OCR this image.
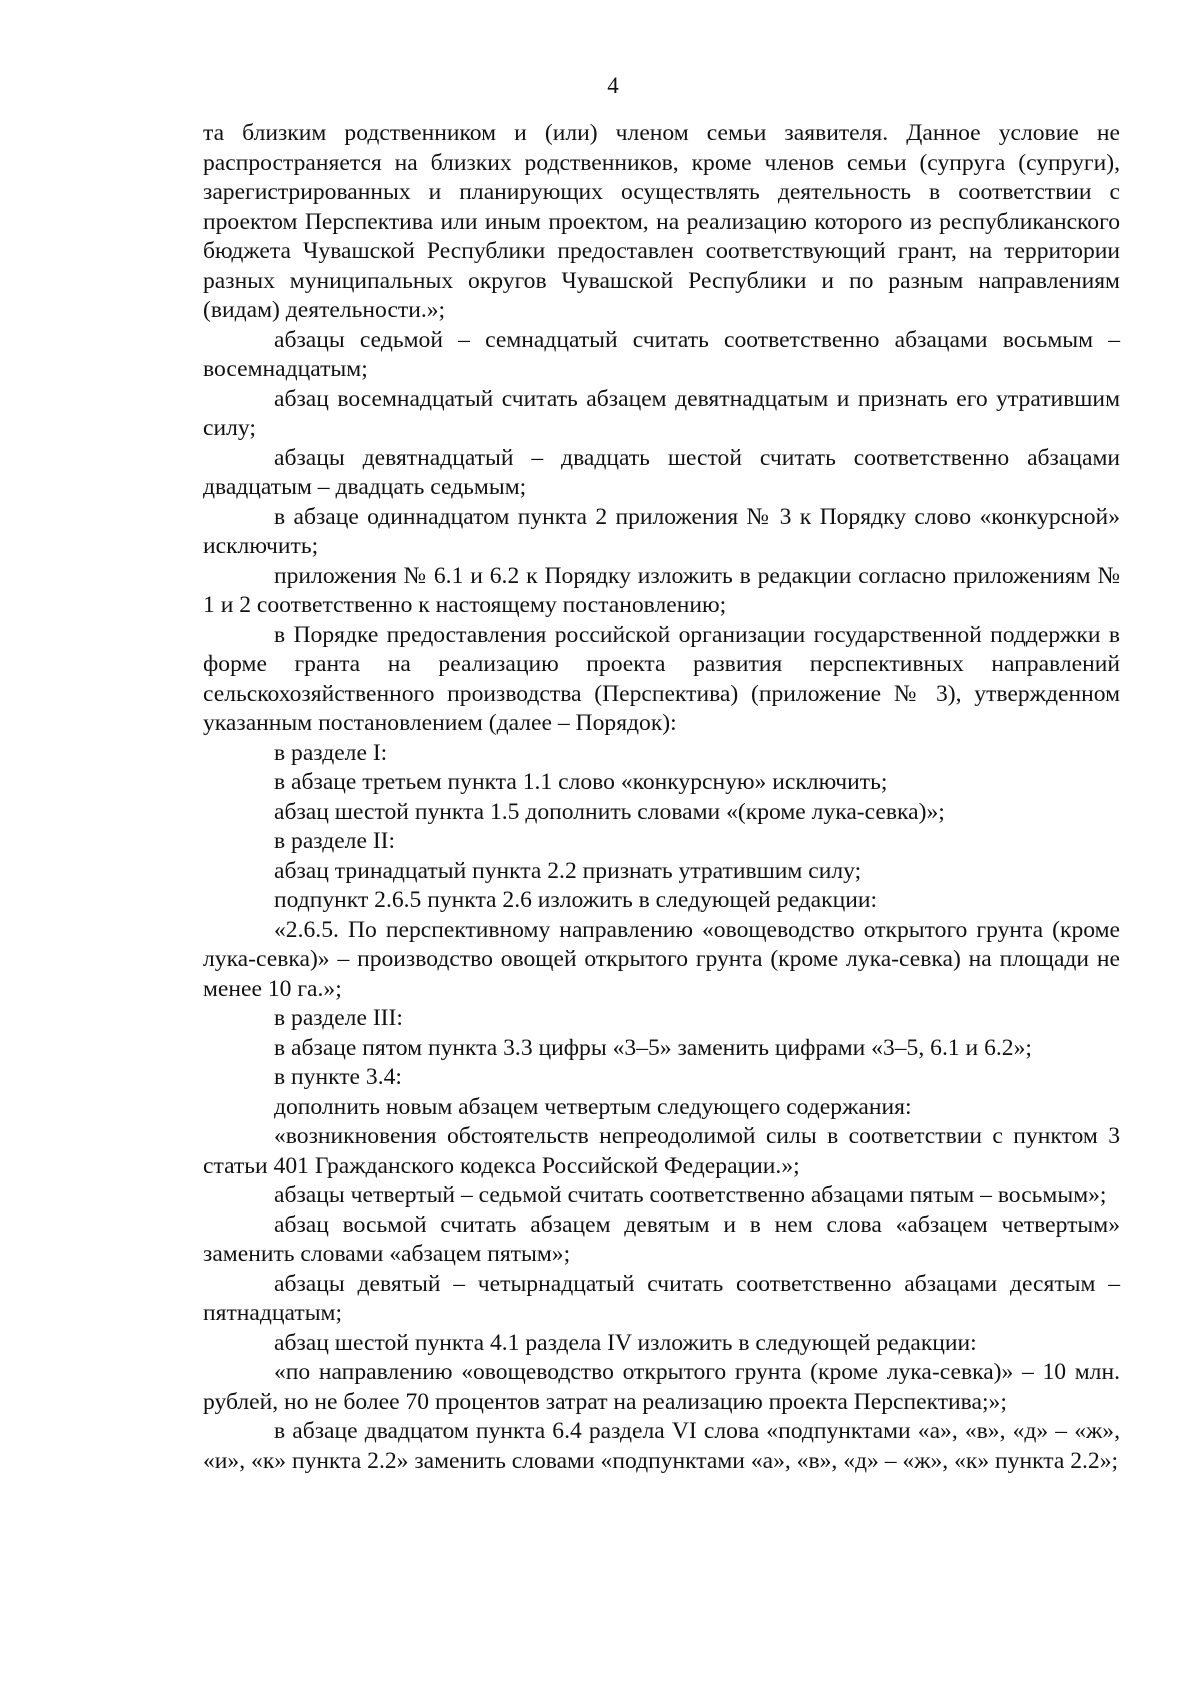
4

та близким родственником и (или) членом семьи заявителя. Данное условие не распространяется на близких родственников, кроме членов семьи (супруга (супруги), зарегистрированных и планирующих осуществлять деятельность в соответствии с проектом Перспектива или иным проектом, на реализацию которого из республиканского бюджета Чувашской Республики предоставлен соответствующий грант, на территории разных муниципальных округов Чувашской Республики и по разным направлениям (видам) деятельности.»;

абзацы седьмой – семнадцатый считать соответственно абзацами восьмым – восемнадцатым;

абзац восемнадцатый считать абзацем девятнадцатым и признать его утратившим силу;

абзацы девятнадцатый – двадцать шестой считать соответственно абзацами двадцатым – двадцать седьмым;

в абзаце одиннадцатом пункта 2 приложения № 3 к Порядку слово «конкурсной» исключить;

приложения № 6.1 и 6.2 к Порядку изложить в редакции согласно приложениям № 1 и 2 соответственно к настоящему постановлению;

в Порядке предоставления российской организации государственной поддержки в форме гранта на реализацию проекта развития перспективных направлений сельскохозяйственного производства (Перспектива) (приложение № 3), утвержденном указанным постановлением (далее – Порядок):

в разделе I:

в абзаце третьем пункта 1.1 слово «конкурсную» исключить;

абзац шестой пункта 1.5 дополнить словами «(кроме лука-севка)»;

в разделе II:

абзац тринадцатый пункта 2.2 признать утратившим силу;

подпункт 2.6.5 пункта 2.6 изложить в следующей редакции:

«2.6.5. По перспективному направлению «овощеводство открытого грунта (кроме лука-севка)» – производство овощей открытого грунта (кроме лука-севка) на площади не менее 10 га.»;

в разделе III:

в абзаце пятом пункта 3.3 цифры «3–5» заменить цифрами «3–5, 6.1 и 6.2»;

в пункте 3.4:

дополнить новым абзацем четвертым следующего содержания:

«возникновения обстоятельств непреодолимой силы в соответствии с пунктом 3 статьи 401 Гражданского кодекса Российской Федерации.»;

абзацы четвертый – седьмой считать соответственно абзацами пятым – восьмым»;

абзац восьмой считать абзацем девятым и в нем слова «абзацем четвертым» заменить словами «абзацем пятым»;

абзацы девятый – четырнадцатый считать соответственно абзацами десятым – пятнадцатым;

абзац шестой пункта 4.1 раздела IV изложить в следующей редакции:

«по направлению «овощеводство открытого грунта (кроме лука-севка)» – 10 млн. рублей, но не более 70 процентов затрат на реализацию проекта Перспектива;»;

в абзаце двадцатом пункта 6.4 раздела VI слова «подпунктами «а», «в», «д» – «ж», «и», «к» пункта 2.2» заменить словами «подпунктами «а», «в», «д» – «ж», «к» пункта 2.2»;
